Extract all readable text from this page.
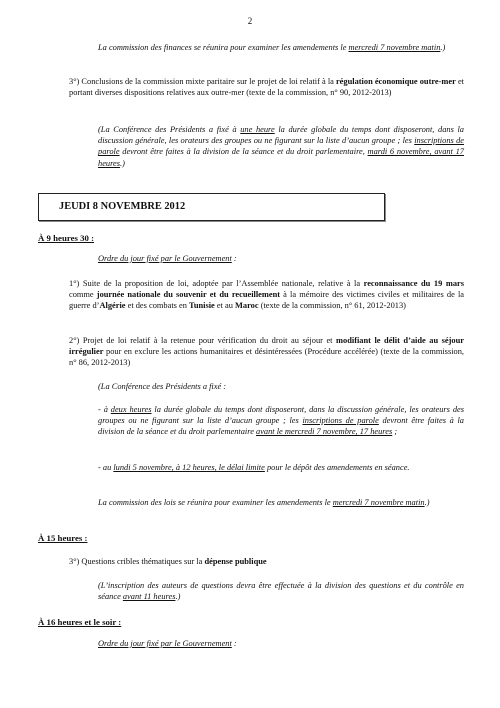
2
La commission des finances se réunira pour examiner les amendements le mercredi 7 novembre matin.)
3°) Conclusions de la commission mixte paritaire sur le projet de loi relatif à la régulation économique outre-mer et portant diverses dispositions relatives aux outre-mer (texte de la commission, n° 90, 2012-2013)
(La Conférence des Présidents a fixé à une heure la durée globale du temps dont disposeront, dans la discussion générale, les orateurs des groupes ou ne figurant sur la liste d’aucun groupe ; les inscriptions de parole devront être faites à la division de la séance et du droit parlementaire, mardi 6 novembre, avant 17 heures.)
JEUDI 8 NOVEMBRE 2012
À 9 heures 30 :
Ordre du jour fixé par le Gouvernement :
1°) Suite de la proposition de loi, adoptée par l’Assemblée nationale, relative à la reconnaissance du 19 mars comme journée nationale du souvenir et du recueillement à la mémoire des victimes civiles et militaires de la guerre d’Algérie et des combats en Tunisie et au Maroc (texte de la commission, n° 61, 2012-2013)
2°) Projet de loi relatif à la retenue pour vérification du droit au séjour et modifiant le délit d’aide au séjour irrégulier pour en exclure les actions humanitaires et désintéressées (Procédure accélérée) (texte de la commission, n° 86, 2012-2013)
(La Conférence des Présidents a fixé :
- à deux heures la durée globale du temps dont disposeront, dans la discussion générale, les orateurs des groupes ou ne figurant sur la liste d’aucun groupe ; les inscriptions de parole devront être faites à la division de la séance et du droit parlementaire avant le mercredi 7 novembre, 17 heures ;
- au lundi 5 novembre, à 12 heures, le délai limite pour le dépôt des amendements en séance.
La commission des lois se réunira pour examiner les amendements le mercredi 7 novembre matin.)
À 15 heures :
3°) Questions cribles thématiques sur la dépense publique
(L’inscription des auteurs de questions devra être effectuée à la division des questions et du contrôle en séance avant 11 heures.)
À 16 heures et le soir :
Ordre du jour fixé par le Gouvernement :
